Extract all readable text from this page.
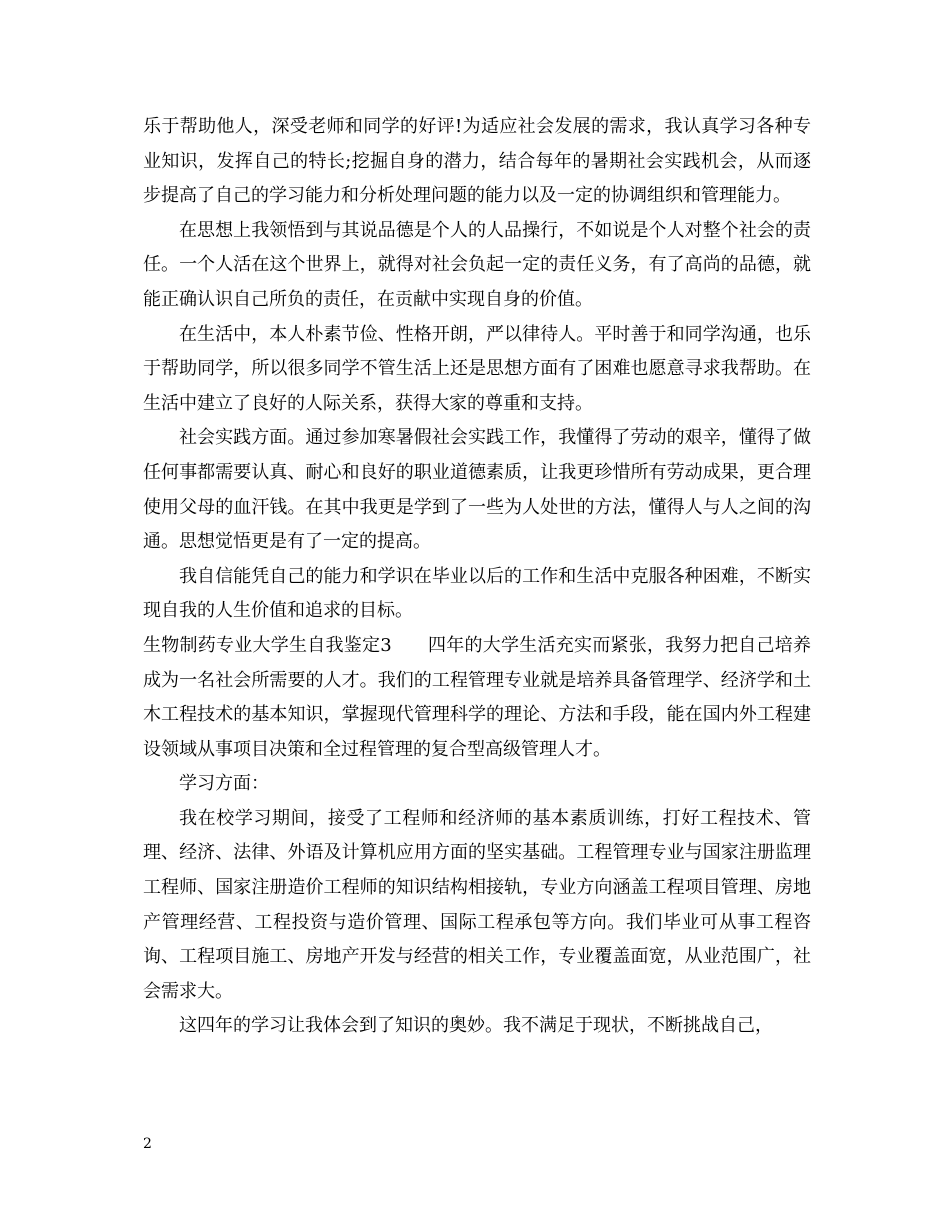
乐于帮助他人，深受老师和同学的好评!为适应社会发展的需求，我认真学习各种专业知识，发挥自己的特长;挖掘自身的潜力，结合每年的暑期社会实践机会，从而逐步提高了自己的学习能力和分析处理问题的能力以及一定的协调组织和管理能力。

在思想上我领悟到与其说品德是个人的人品操行，不如说是个人对整个社会的责任。一个人活在这个世界上，就得对社会负起一定的责任义务，有了高尚的品德，就能正确认识自己所负的责任，在贡献中实现自身的价值。

在生活中，本人朴素节俭、性格开朗，严以律待人。平时善于和同学沟通，也乐于帮助同学，所以很多同学不管生活上还是思想方面有了困难也愿意寻求我帮助。在生活中建立了良好的人际关系，获得大家的尊重和支持。

社会实践方面。通过参加寒暑假社会实践工作，我懂得了劳动的艰辛，懂得了做任何事都需要认真、耐心和良好的职业道德素质，让我更珍惜所有劳动成果，更合理使用父母的血汗钱。在其中我更是学到了一些为人处世的方法，懂得人与人之间的沟通。思想觉悟更是有了一定的提高。

我自信能凭自己的能力和学识在毕业以后的工作和生活中克服各种困难，不断实现自我的人生价值和追求的目标。

生物制药专业大学生自我鉴定3 四年的大学生活充实而紧张，我努力把自己培养成为一名社会所需要的人才。我们的工程管理专业就是培养具备管理学、经济学和土木工程技术的基本知识，掌握现代管理科学的理论、方法和手段，能在国内外工程建设领域从事项目决策和全过程管理的复合型高级管理人才。

学习方面：

我在校学习期间，接受了工程师和经济师的基本素质训练，打好工程技术、管理、经济、法律、外语及计算机应用方面的坚实基础。工程管理专业与国家注册监理工程师、国家注册造价工程师的知识结构相接轨，专业方向涵盖工程项目管理、房地产管理经营、工程投资与造价管理、国际工程承包等方向。我们毕业可从事工程咨询、工程项目施工、房地产开发与经营的相关工作，专业覆盖面宽，从业范围广，社会需求大。

这四年的学习让我体会到了知识的奥妙。我不满足于现状，不断挑战自己，

2
